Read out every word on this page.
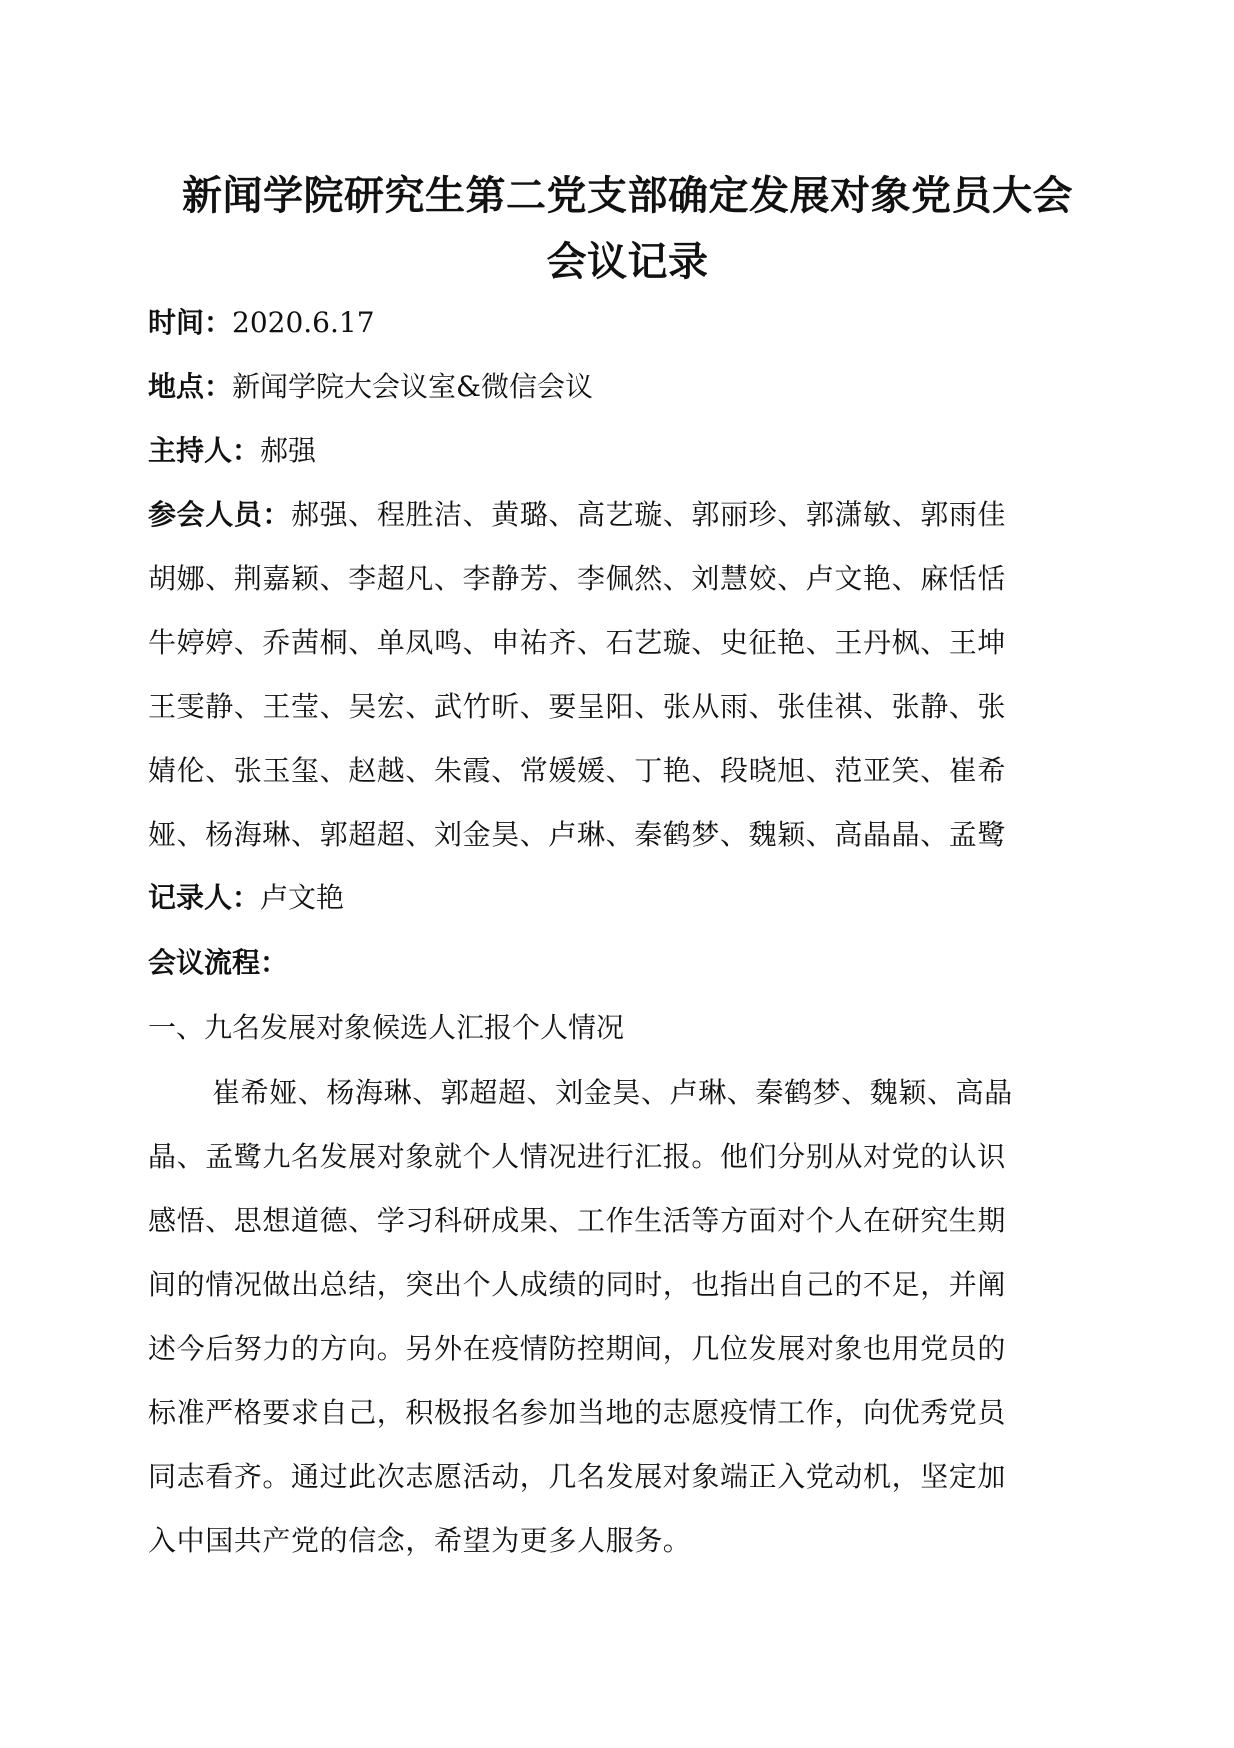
新闻学院研究生第二党支部确定发展对象党员大会
会议记录
时间：2020.6.17
地点：新闻学院大会议室&微信会议
主持人：郝强
参会人员：郝强、程胜洁、黄璐、高艺璇、郭丽珍、郭潇敏、郭雨佳
胡娜、荆嘉颖、李超凡、李静芳、李佩然、刘慧姣、卢文艳、麻恬恬
牛婷婷、乔茜桐、单凤鸣、申祐齐、石艺璇、史征艳、王丹枫、王坤
王雯静、王莹、吴宏、武竹昕、要呈阳、张从雨、张佳祺、张静、张
婧伦、张玉玺、赵越、朱霞、常媛媛、丁艳、段晓旭、范亚笑、崔希
娅、杨海琳、郭超超、刘金昊、卢琳、秦鹤梦、魏颖、高晶晶、孟鹭
记录人：卢文艳
会议流程：
一、九名发展对象候选人汇报个人情况
崔希娅、杨海琳、郭超超、刘金昊、卢琳、秦鹤梦、魏颖、高晶
晶、孟鹭九名发展对象就个人情况进行汇报。他们分别从对党的认识
感悟、思想道德、学习科研成果、工作生活等方面对个人在研究生期
间的情况做出总结，突出个人成绩的同时，也指出自己的不足，并阐
述今后努力的方向。另外在疫情防控期间，几位发展对象也用党员的
标准严格要求自己，积极报名参加当地的志愿疫情工作，向优秀党员
同志看齐。通过此次志愿活动，几名发展对象端正入党动机，坚定加
入中国共产党的信念，希望为更多人服务。
